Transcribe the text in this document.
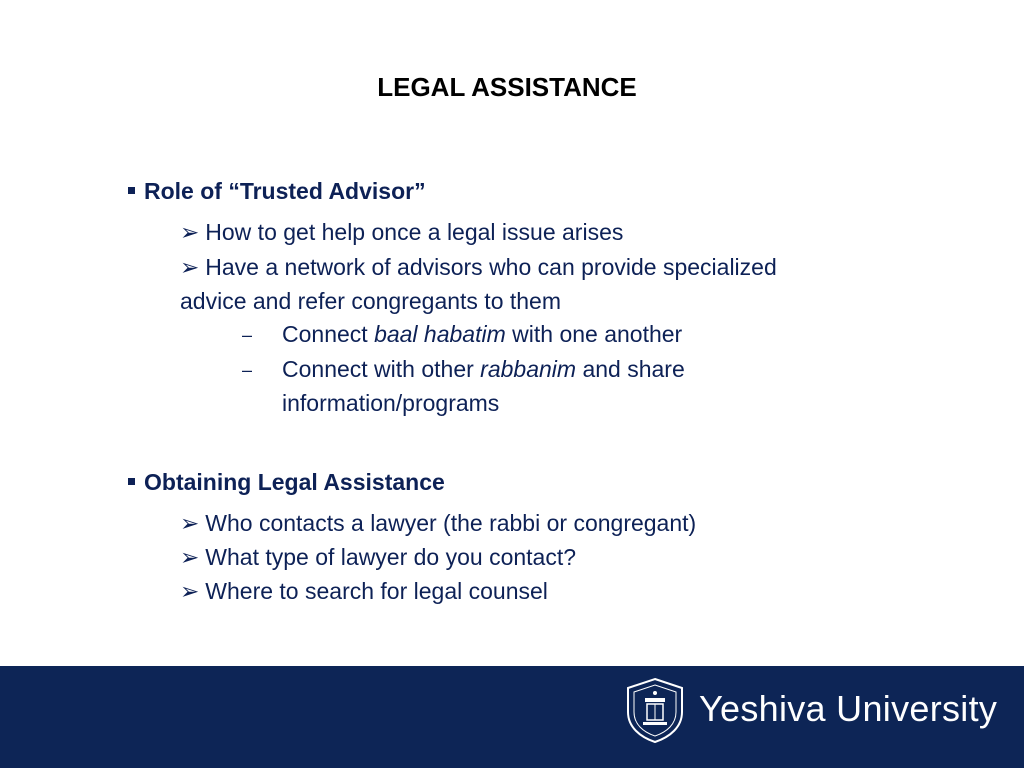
LEGAL ASSISTANCE
Role of “Trusted Advisor”
➢ How to get help once a legal issue arises
➢ Have a network of advisors who can provide specialized
advice and refer congregants to them
– Connect baal habatim with one another
– Connect with other rabbanim and share
information/programs
Obtaining Legal Assistance
➢ Who contacts a lawyer (the rabbi or congregant)
➢ What type of lawyer do you contact?
➢ Where to search for legal counsel
Yeshiva University
